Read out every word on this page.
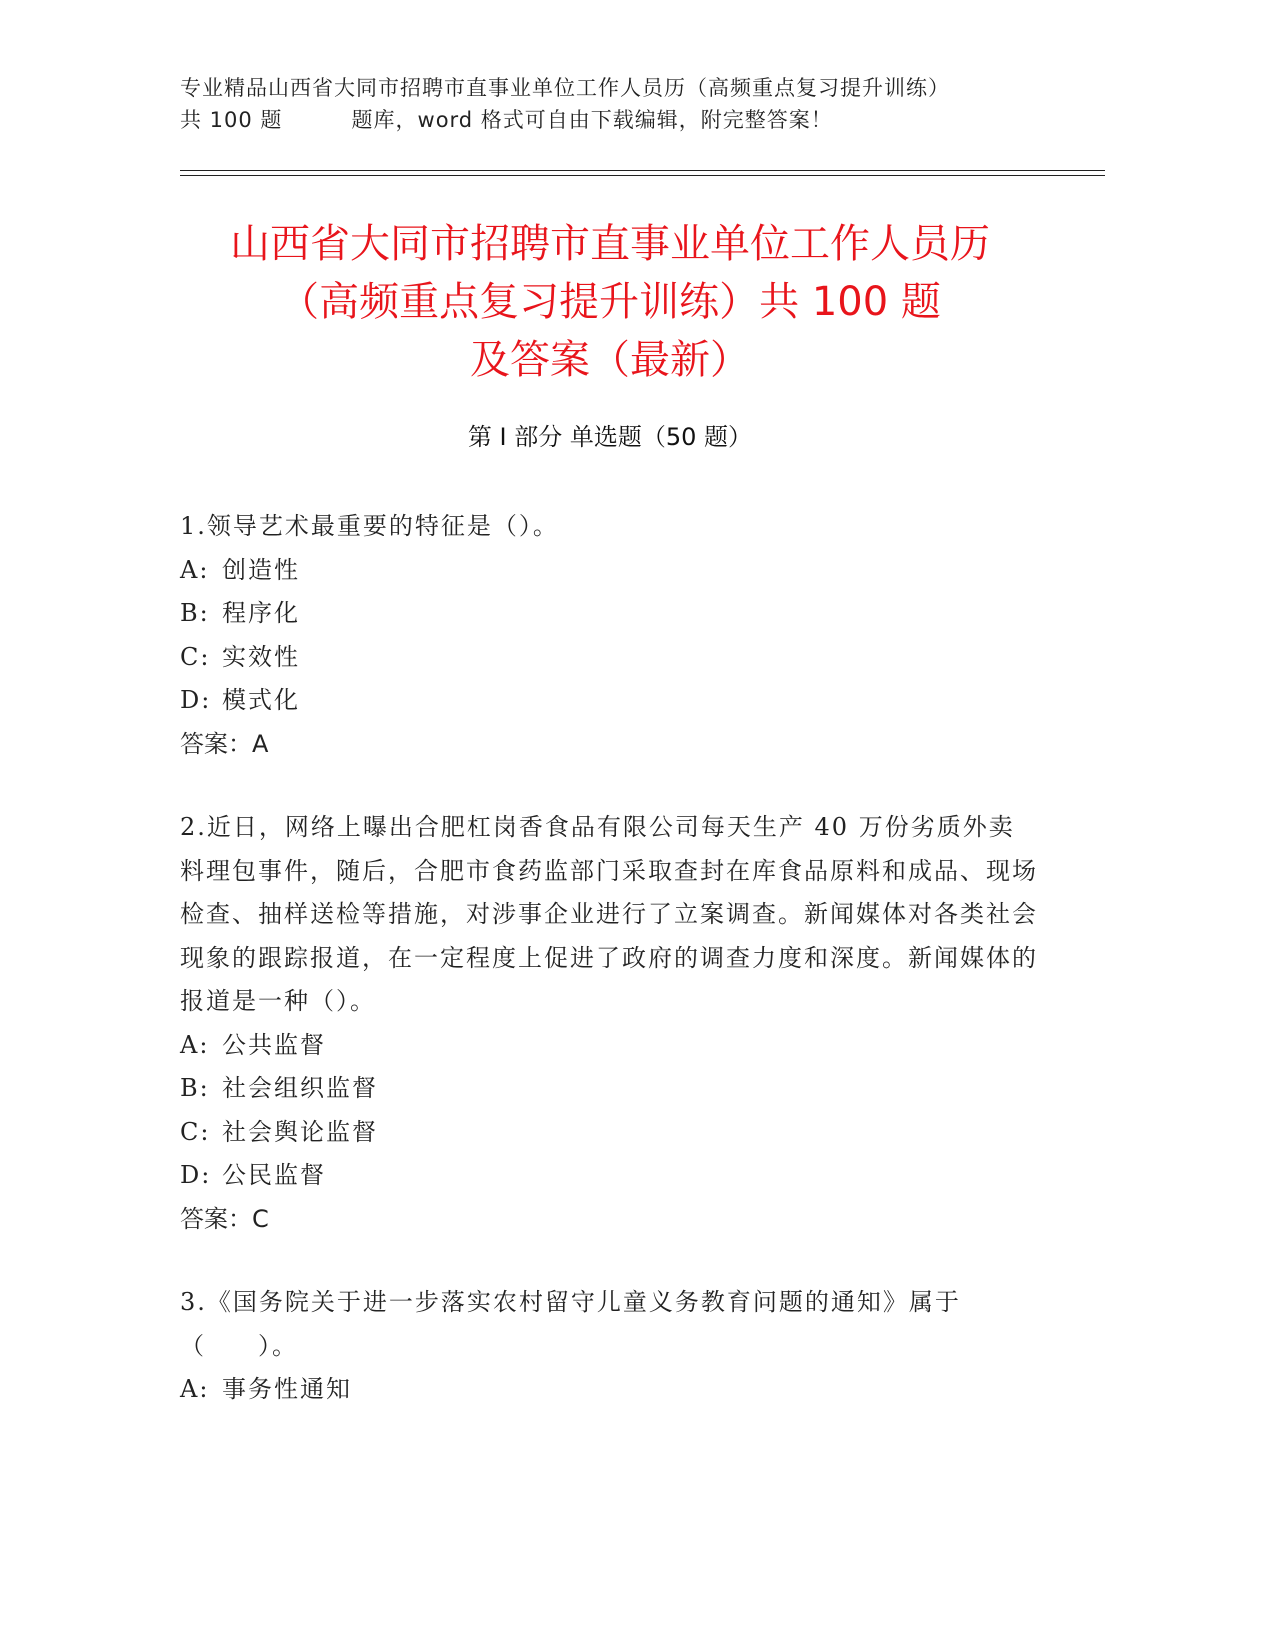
专业精品山西省大同市招聘市直事业单位工作人员历（高频重点复习提升训练）
共 100 题	题库，word 格式可自由下载编辑，附完整答案！
山西省大同市招聘市直事业单位工作人员历
（高频重点复习提升训练）共 100 题
及答案（最新）
第 I 部分 单选题（50 题）

1.领导艺术最重要的特征是（）。

A: 创造性

B: 程序化

C: 实效性

D: 模式化

答案：A

2.近日，网络上曝出合肥杠岗香食品有限公司每天生产 40 万份劣质外卖料理包事件，随后，合肥市食药监部门采取查封在库食品原料和成品、现场检查、抽样送检等措施，对涉事企业进行了立案调查。新闻媒体对各类社会现象的跟踪报道，在一定程度上促进了政府的调查力度和深度。新闻媒体的报道是一种（）。

A: 公共监督

B: 社会组织监督

C: 社会舆论监督

D: 公民监督

答案：C

3.《国务院关于进一步落实农村留守儿童义务教育问题的通知》属于（　　）。

A: 事务性通知
